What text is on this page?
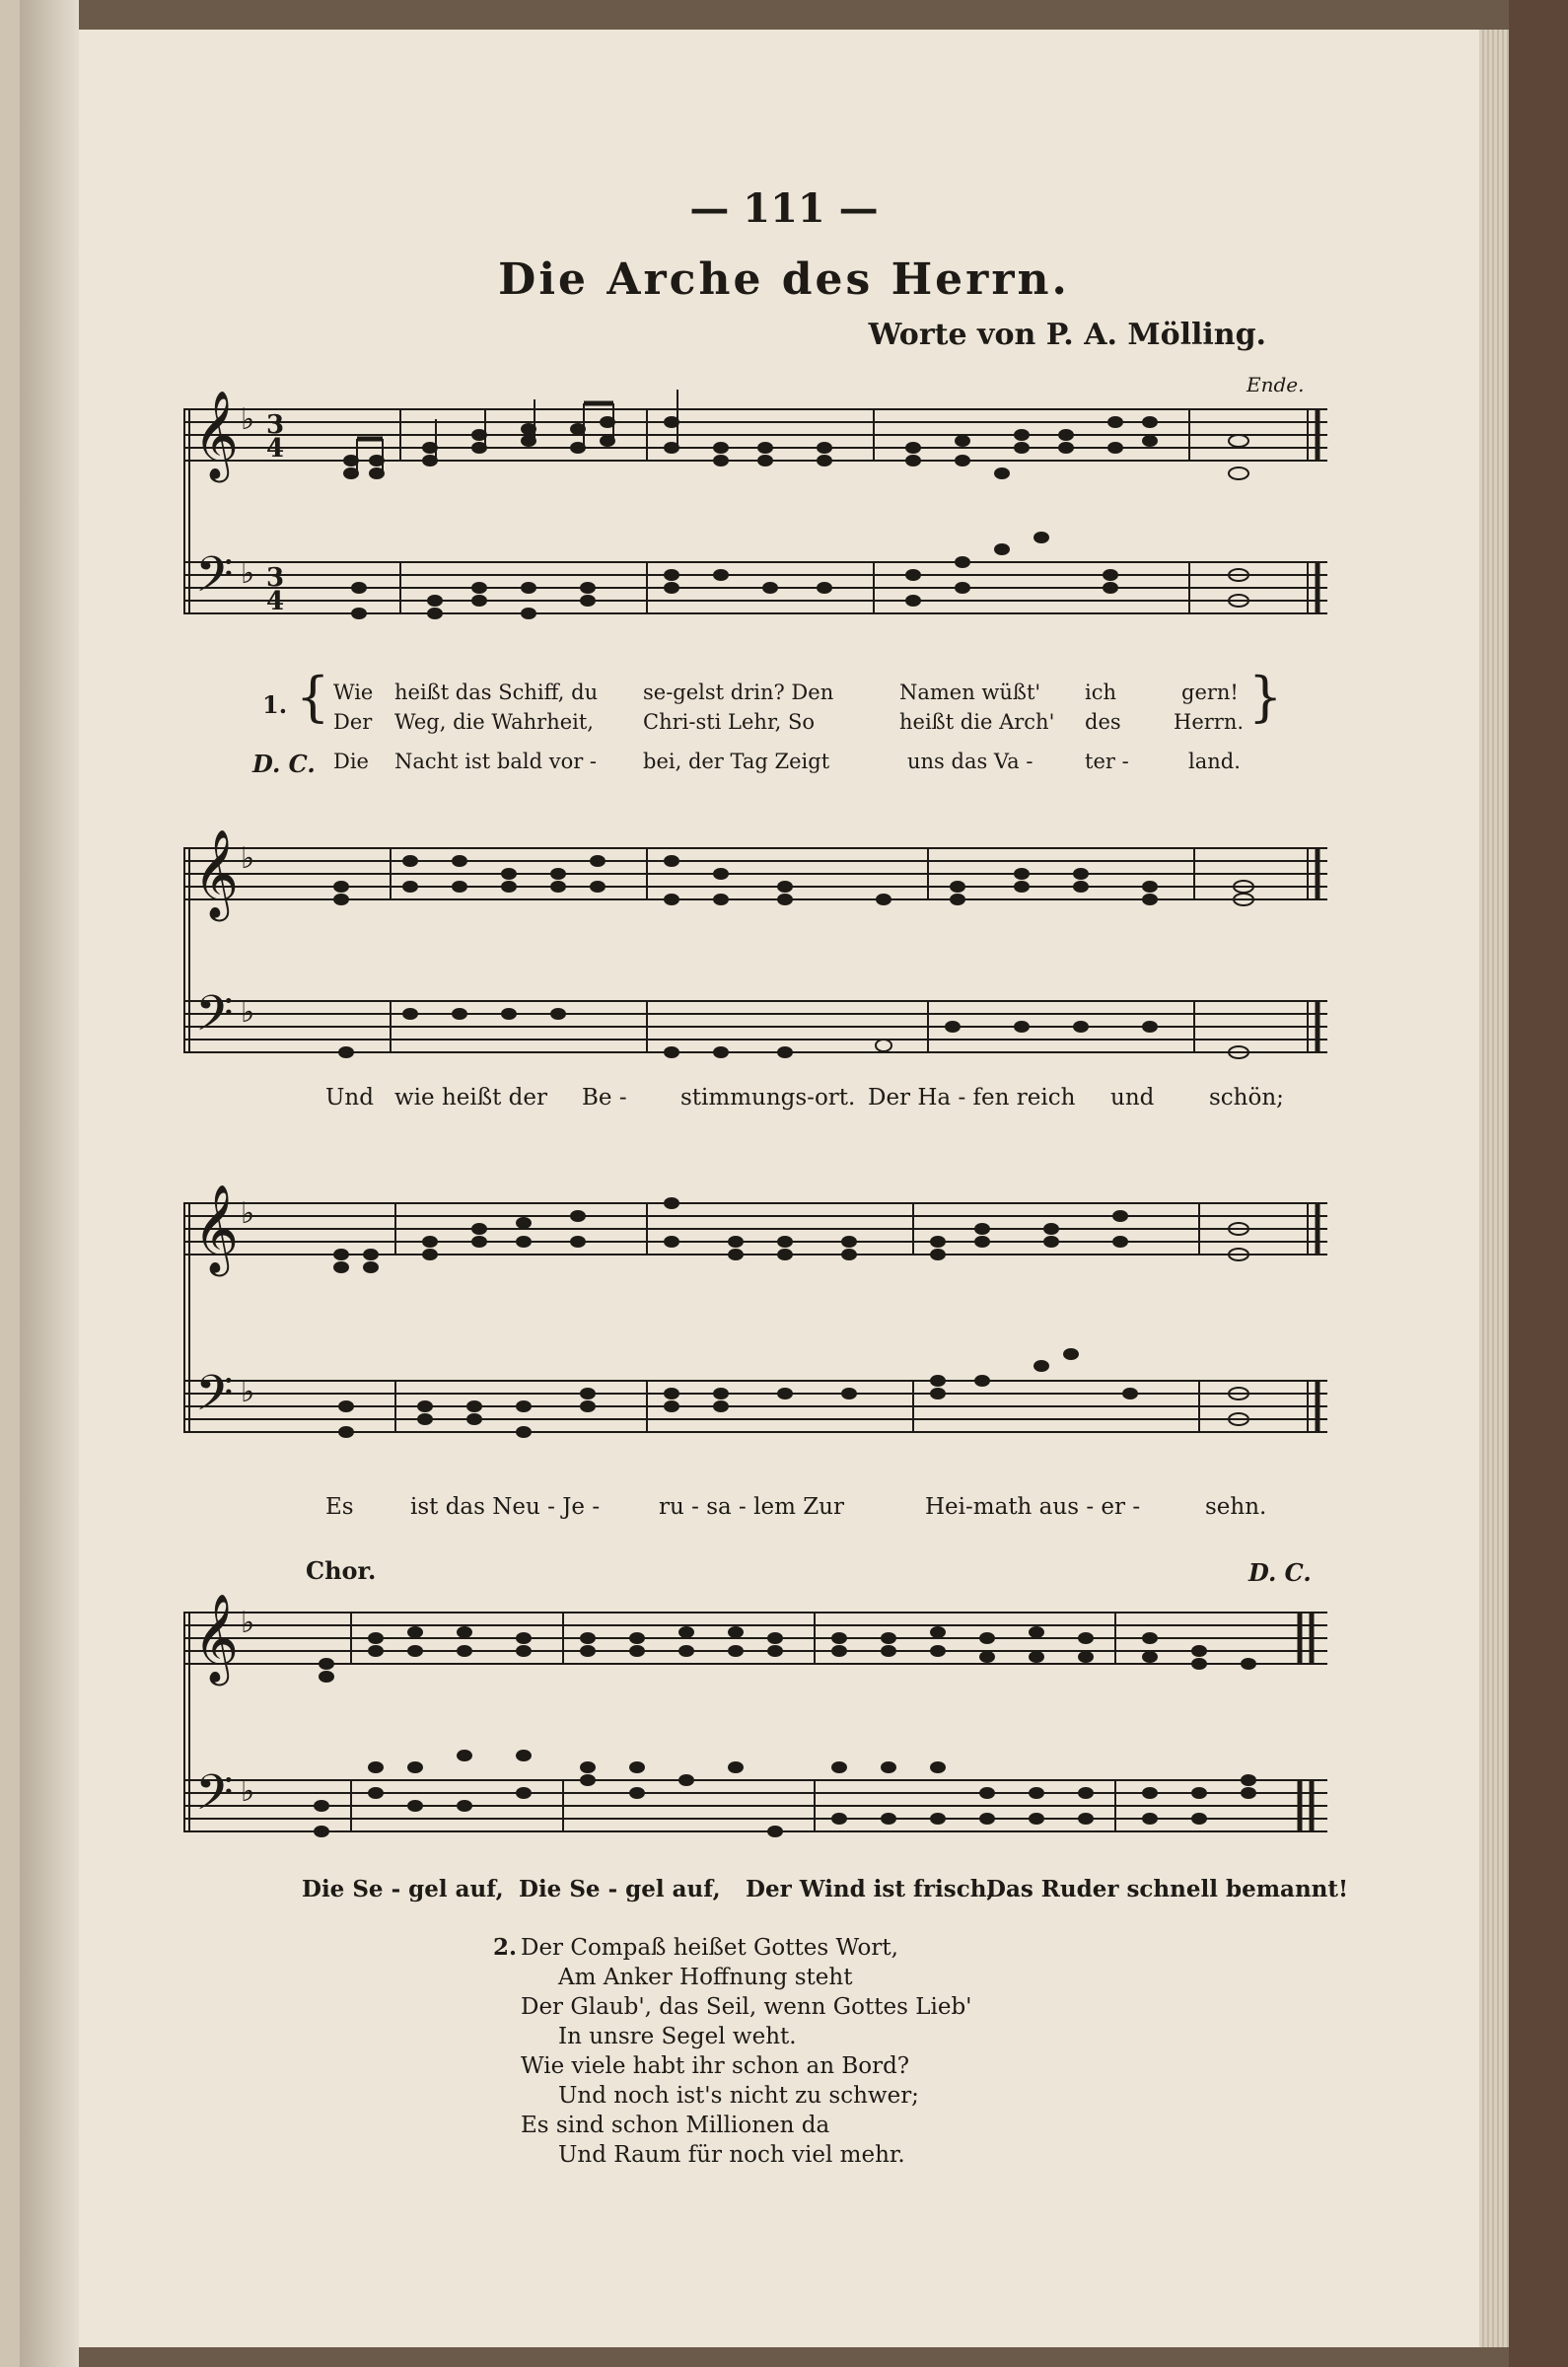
— 111 —
Die Arche des Herrn.
Worte von P. A. Mölling.
Ende.
𝄞
𝄢
♭
♭
3
4
3
4
1. {	}
Wie heißt das Schiff, du se-gelst drin? Den	Namen wüßt' ich	gern!
Der Weg, die Wahrheit, Chri-sti Lehr, So	heißt die Arch' des	Herrn.
D. C. Die Nacht ist bald vor - bei, der Tag Zeigt	uns das Va -	ter -	land.
𝄞
𝄢
♭
♭
Und wie heißt der Be - stimmungs-ort. Der Ha - fen reich und schön;
𝄞
𝄢
♭
♭
Es ist das Neu - Je -	ru - sa - lem Zur	Hei-math aus - er -	sehn.
Chor.	D. C.
𝄞
𝄢
♭
♭
Die Se - gel auf, Die Se - gel auf, Der Wind ist frisch,
Das Ruder schnell bemannt!
2. Der Compaß heißet Gottes Wort,
Am Anker Hoffnung steht
Der Glaub', das Seil, wenn Gottes Lieb'
In unsre Segel weht.
Wie viele habt ihr schon an Bord?
Und noch ist's nicht zu schwer;
Es sind schon Millionen da
Und Raum für noch viel mehr.
